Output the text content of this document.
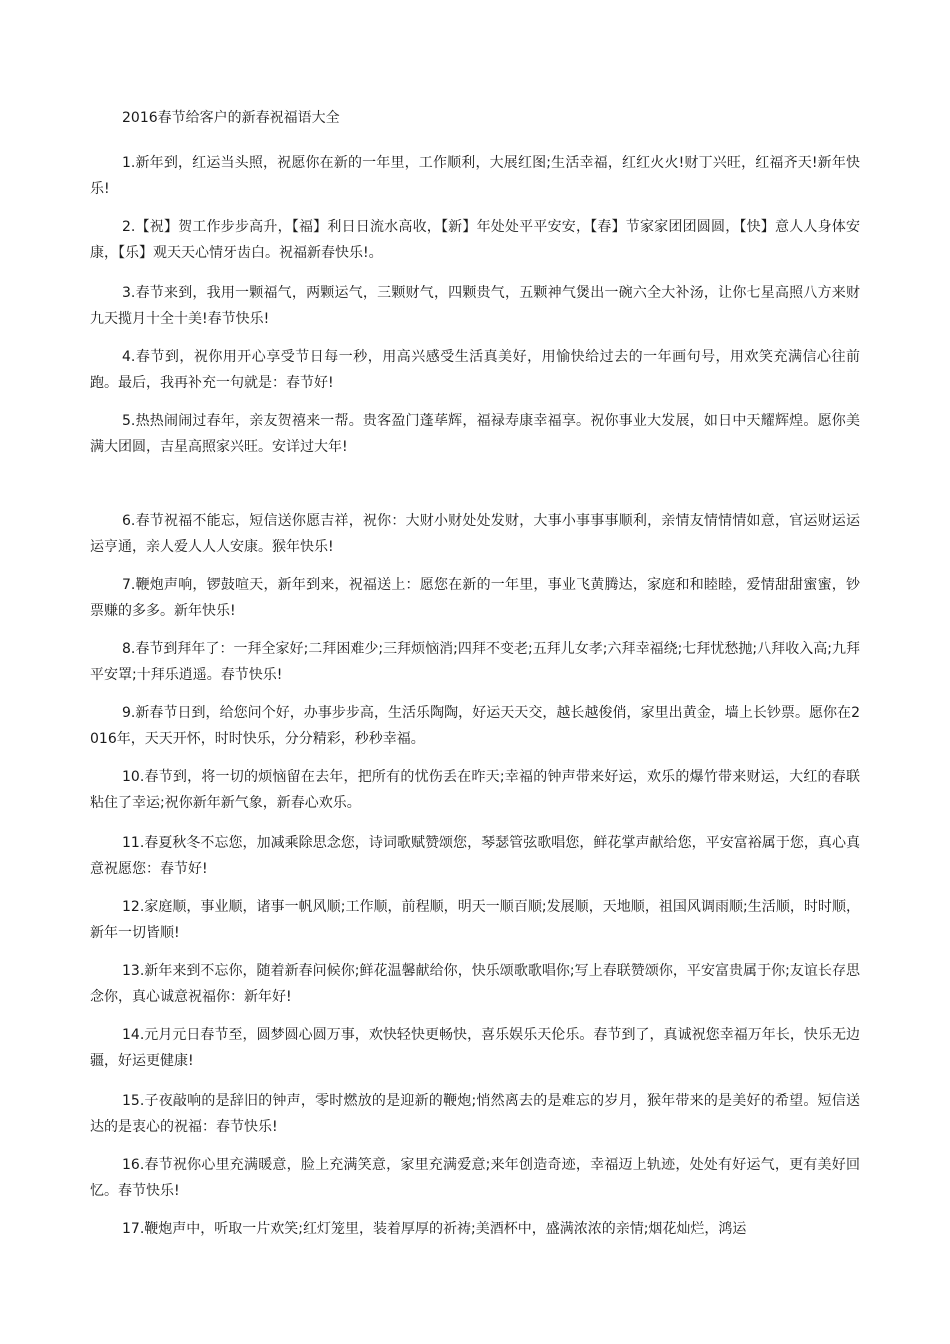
2016春节给客户的新春祝福语大全

1.新年到，红运当头照，祝愿你在新的一年里，工作顺利，大展红图;生活幸福，红红火火!财丁兴旺，红福齐天!新年快乐!

2.【祝】贺工作步步高升，【福】利日日流水高收，【新】年处处平平安安，【春】节家家团团圆圆，【快】意人人身体安康，【乐】观天天心情牙齿白。祝福新春快乐!。

3.春节来到，我用一颗福气，两颗运气，三颗财气，四颗贵气，五颗神气煲出一碗六全大补汤，让你七星高照八方来财九天揽月十全十美!春节快乐!

4.春节到，祝你用开心享受节日每一秒，用高兴感受生活真美好，用愉快给过去的一年画句号，用欢笑充满信心往前跑。最后，我再补充一句就是：春节好!

5.热热闹闹过春年，亲友贺禧来一帮。贵客盈门蓬荜辉，福禄寿康幸福享。祝你事业大发展，如日中天耀辉煌。愿你美满大团圆，吉星高照家兴旺。安详过大年!

6.春节祝福不能忘，短信送你愿吉祥，祝你：大财小财处处发财，大事小事事事顺利，亲情友情情情如意，官运财运运运亨通，亲人爱人人人安康。猴年快乐!

7.鞭炮声响，锣鼓喧天，新年到来，祝福送上：愿您在新的一年里，事业飞黄腾达，家庭和和睦睦，爱情甜甜蜜蜜，钞票赚的多多。新年快乐!

8.春节到拜年了：一拜全家好;二拜困难少;三拜烦恼消;四拜不变老;五拜儿女孝;六拜幸福绕;七拜忧愁抛;八拜收入高;九拜平安罩;十拜乐逍遥。春节快乐!

9.新春节日到，给您问个好，办事步步高，生活乐陶陶，好运天天交，越长越俊俏，家里出黄金，墙上长钞票。愿你在2016年，天天开怀，时时快乐，分分精彩，秒秒幸福。

10.春节到，将一切的烦恼留在去年，把所有的忧伤丢在昨天;幸福的钟声带来好运，欢乐的爆竹带来财运，大红的春联粘住了幸运;祝你新年新气象，新春心欢乐。

11.春夏秋冬不忘您，加减乘除思念您，诗词歌赋赞颂您，琴瑟管弦歌唱您，鲜花掌声献给您，平安富裕属于您，真心真意祝愿您：春节好!

12.家庭顺，事业顺，诸事一帆风顺;工作顺，前程顺，明天一顺百顺;发展顺，天地顺，祖国风调雨顺;生活顺，时时顺，新年一切皆顺!

13.新年来到不忘你，随着新春问候你;鲜花温馨献给你，快乐颂歌歌唱你;写上春联赞颂你，平安富贵属于你;友谊长存思念你，真心诚意祝福你：新年好!

14.元月元日春节至，圆梦圆心圆万事，欢快轻快更畅快，喜乐娱乐天伦乐。春节到了，真诚祝您幸福万年长，快乐无边疆，好运更健康!

15.子夜敲响的是辞旧的钟声，零时燃放的是迎新的鞭炮;悄然离去的是难忘的岁月，猴年带来的是美好的希望。短信送达的是衷心的祝福：春节快乐!

16.春节祝你心里充满暖意，脸上充满笑意，家里充满爱意;来年创造奇迹，幸福迈上轨迹，处处有好运气，更有美好回忆。春节快乐!

17.鞭炮声中，听取一片欢笑;红灯笼里，装着厚厚的祈祷;美酒杯中，盛满浓浓的亲情;烟花灿烂，鸿运
